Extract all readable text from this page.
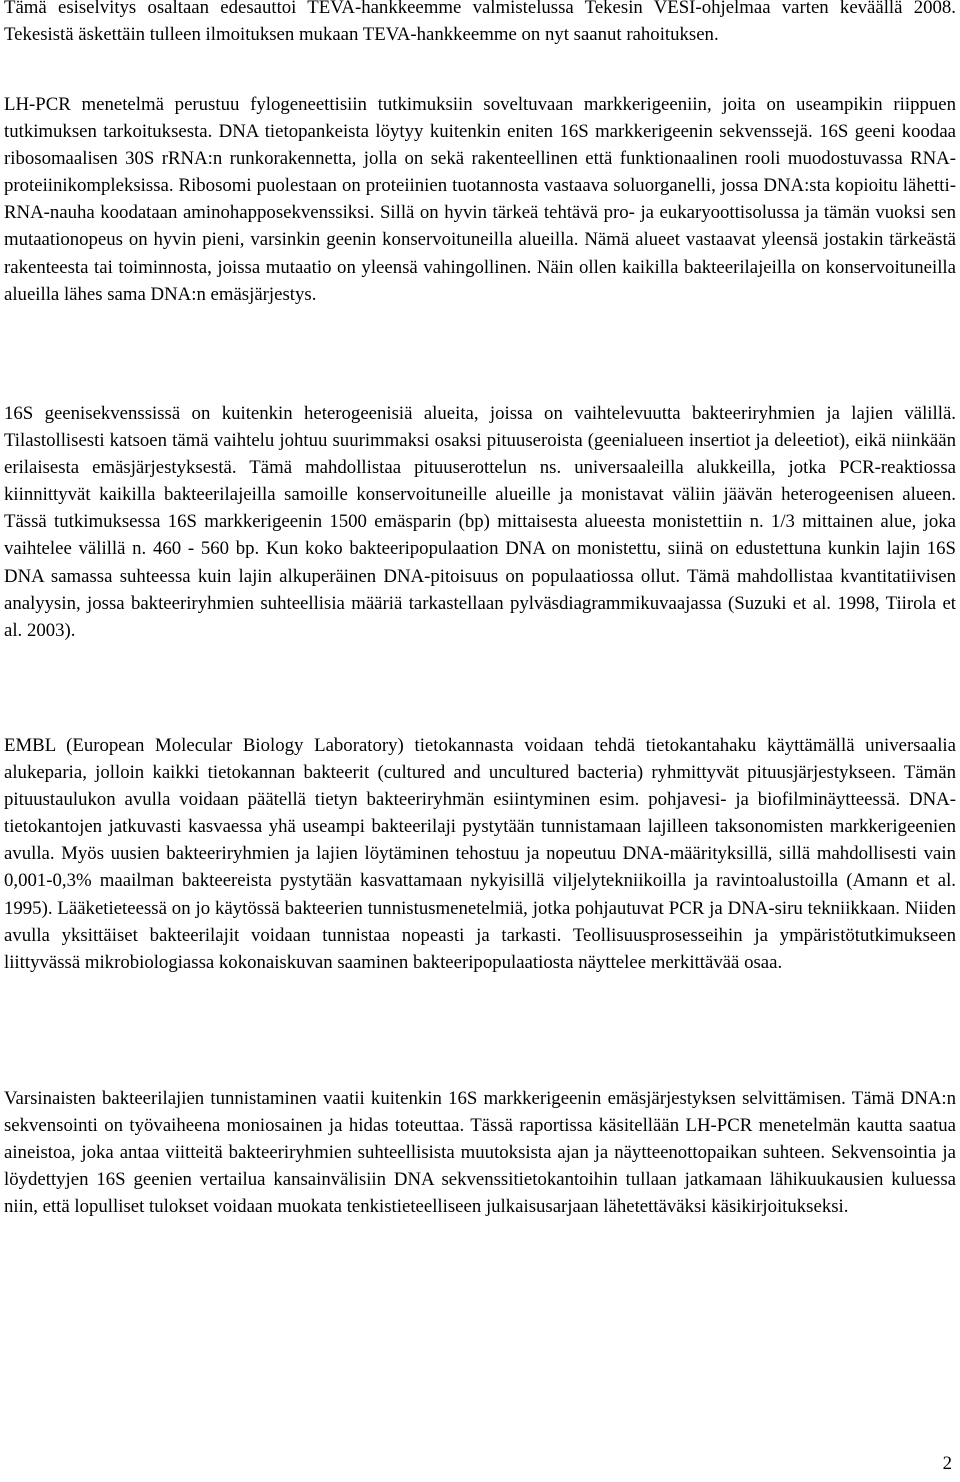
Tämä esiselvitys osaltaan edesauttoi TEVA-hankkeemme valmistelussa Tekesin VESI-ohjelmaa varten keväällä 2008. Tekesistä äskettäin tulleen ilmoituksen mukaan TEVA-hankkeemme on nyt saanut rahoituksen.

LH-PCR menetelmä perustuu fylogeneettisiin tutkimuksiin soveltuvaan markkerigeeniin, joita on useampikin riippuen tutkimuksen tarkoituksesta. DNA tietopankeista löytyy kuitenkin eniten 16S markkerigeenin sekvenssejä. 16S geeni koodaa ribosomaalisen 30S rRNA:n runkorakennetta, jolla on sekä rakenteellinen että funktionaalinen rooli muodostuvassa RNA-proteiinikompleksissa. Ribosomi puolestaan on proteiinien tuotannosta vastaava soluorganelli, jossa DNA:sta kopioitu lähetti-RNA-nauha koodataan aminohapposekvenssiksi. Sillä on hyvin tärkeä tehtävä pro- ja eukaryoottisolussa ja tämän vuoksi sen mutaationopeus on hyvin pieni, varsinkin geenin konservoituneilla alueilla. Nämä alueet vastaavat yleensä jostakin tärkeästä rakenteesta tai toiminnosta, joissa mutaatio on yleensä vahingollinen. Näin ollen kaikilla bakteerilajeilla on konservoituneilla alueilla lähes sama DNA:n emäsjärjestys.

16S geenisekvenssissä on kuitenkin heterogeenisiä alueita, joissa on vaihtelevuutta bakteeriryhmien ja lajien välillä. Tilastollisesti katsoen tämä vaihtelu johtuu suurimmaksi osaksi pituuseroista (geenialueen insertiot ja deleetiot), eikä niinkään erilaisesta emäsjärjestyksestä. Tämä mahdollistaa pituuserottelun ns. universaaleilla alukkeilla, jotka PCR-reaktiossa kiinnittyvät kaikilla bakteerilajeilla samoille konservoituneille alueille ja monistavat väliin jäävän heterogeenisen alueen. Tässä tutkimuksessa 16S markkerigeenin 1500 emäsparin (bp) mittaisesta alueesta monistettiin n. 1/3 mittainen alue, joka vaihtelee välillä n. 460 - 560 bp. Kun koko bakteeripopulaation DNA on monistettu, siinä on edustettuna kunkin lajin 16S DNA samassa suhteessa kuin lajin alkuperäinen DNA-pitoisuus on populaatiossa ollut. Tämä mahdollistaa kvantitatiivisen analyysin, jossa bakteeriryhmien suhteellisia määriä tarkastellaan pylväsdiagrammikuvaajassa (Suzuki et al. 1998, Tiirola et al. 2003).

EMBL (European Molecular Biology Laboratory) tietokannasta voidaan tehdä tietokantahaku käyttämällä universaalia alukeparia, jolloin kaikki tietokannan bakteerit (cultured and uncultured bacteria) ryhmittyvät pituusjärjestykseen. Tämän pituustaulukon avulla voidaan päätellä tietyn bakteeriryhmän esiintyminen esim. pohjavesi- ja biofilminäytteessä. DNA-tietokantojen jatkuvasti kasvaessa yhä useampi bakteerilaji pystytään tunnistamaan lajilleen taksonomisten markkerigeenien avulla. Myös uusien bakteeriryhmien ja lajien löytäminen tehostuu ja nopeutuu DNA-määrityksillä, sillä mahdollisesti vain 0,001-0,3% maailman bakteereista pystytään kasvattamaan nykyisillä viljelytekniikoilla ja ravintoalustoilla (Amann et al. 1995). Lääketieteessä on jo käytössä bakteerien tunnistusmenetelmiä, jotka pohjautuvat PCR ja DNA-siru tekniikkaan. Niiden avulla yksittäiset bakteerilajit voidaan tunnistaa nopeasti ja tarkasti. Teollisuusprosesseihin ja ympäristötutkimukseen liittyvässä mikrobiologiassa kokonaiskuvan saaminen bakteeripopulaatiosta näyttelee merkittävää osaa.

Varsinaisten bakteerilajien tunnistaminen vaatii kuitenkin 16S markkerigeenin emäsjärjestyksen selvittämisen. Tämä DNA:n sekvensointi on työvaiheena moniosainen ja hidas toteuttaa. Tässä raportissa käsitellään LH-PCR menetelmän kautta saatua aineistoa, joka antaa viitteitä bakteeriryhmien suhteellisista muutoksista ajan ja näytteenottopaikan suhteen. Sekvensointia ja löydettyjen 16S geenien vertailua kansainvälisiin DNA sekvenssitietokantoihin tullaan jatkamaan lähikuukausien kuluessa niin, että lopulliset tulokset voidaan muokata tenkistieteelliseen julkaisusarjaan lähetettäväksi käsikirjoitukseksi.

2
